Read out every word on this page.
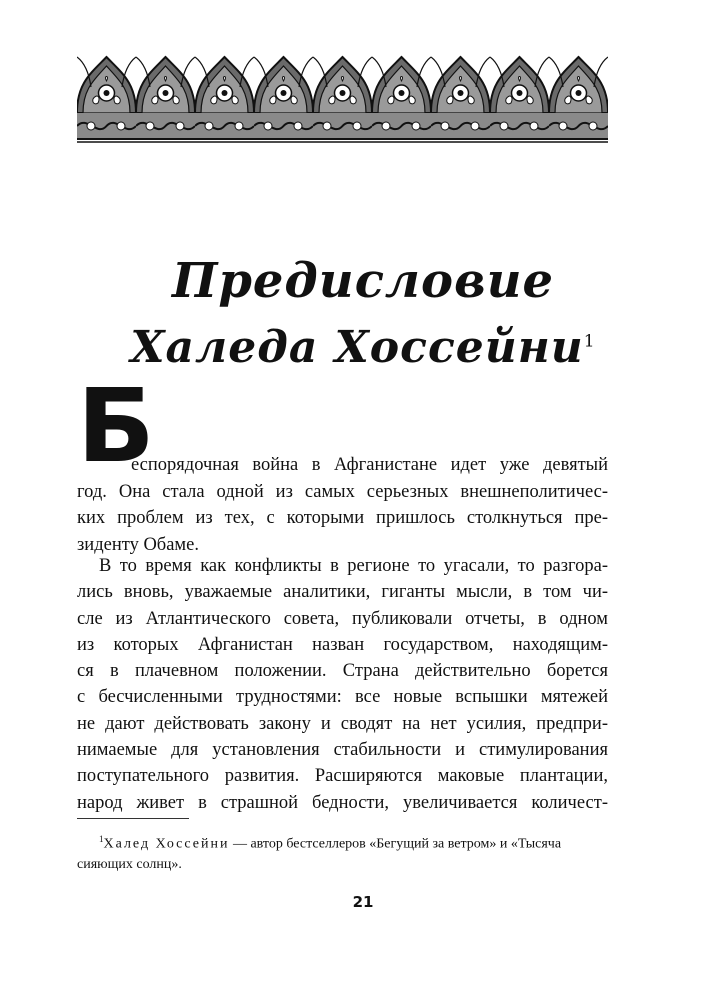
Предисловие
Халеда Хоссейни$^1$
Б
еспорядочная война в Афганистане идет уже девятый
год. Она стала одной из самых серьезных внешнеполитичес-
ких проблем из тех, с которыми пришлось столкнуться пре-
зиденту Обаме.
В то время как конфликты в регионе то угасали, то разгора-
лись вновь, уважаемые аналитики, гиганты мысли, в том чи-
сле из Атлантического совета, публиковали отчеты, в одном
из которых Афганистан назван государством, находящим-
ся в плачевном положении. Страна действительно борется
с бесчисленными трудностями: все новые вспышки мятежей
не дают действовать закону и сводят на нет усилия, предпри-
нимаемые для установления стабильности и стимулирования
поступательного развития. Расширяются маковые плантации,
народ живет в страшной бедности, увеличивается количест-
$^1$Халед Хоссейни — автор бестселлеров «Бегущий за ветром» и «Тысяча
сияющих солнц».
21
